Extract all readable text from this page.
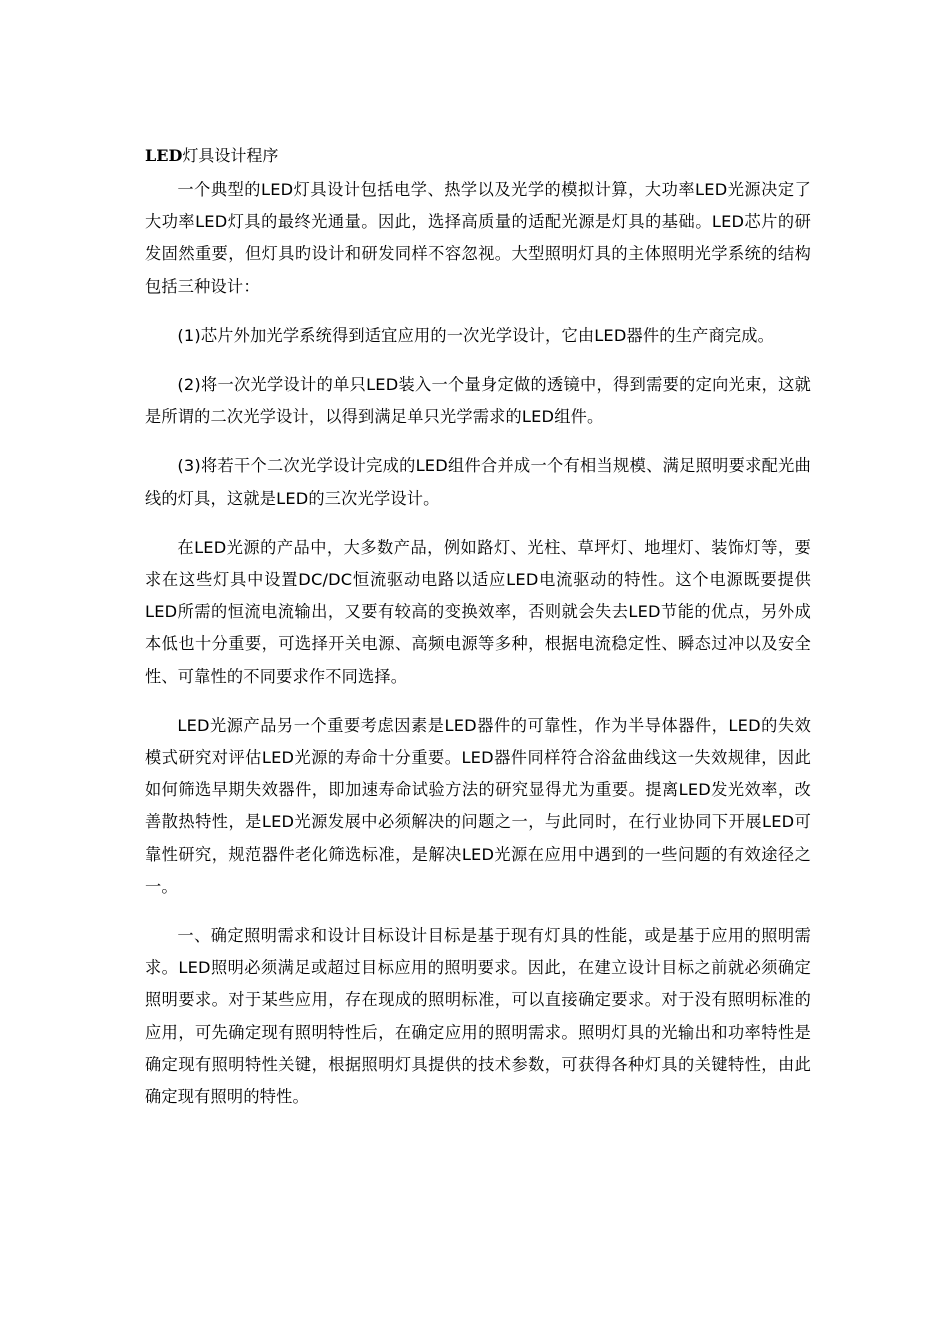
LED灯具设计程序

一个典型的LED灯具设计包括电学、热学以及光学的模拟计算，大功率LED光源决定了大功率LED灯具的最终光通量。因此，选择高质量的适配光源是灯具的基础。LED芯片的研发固然重要，但灯具旳设计和研发同样不容忽视。大型照明灯具的主体照明光学系统的结构包括三种设计：

(1)芯片外加光学系统得到适宜应用的一次光学设计，它由LED器件的生产商完成。

(2)将一次光学设计的单只LED装入一个量身定做的透镜中，得到需要的定向光束，这就是所谓的二次光学设计，以得到满足单只光学需求的LED组件。

(3)将若干个二次光学设计完成的LED组件合并成一个有相当规模、满足照明要求配光曲线的灯具，这就是LED的三次光学设计。

在LED光源的产品中，大多数产品，例如路灯、光柱、草坪灯、地埋灯、装饰灯等，要求在这些灯具中设置DC/DC恒流驱动电路以适应LED电流驱动的特性。这个电源既要提供LED所需的恒流电流输出，又要有较高的变换效率，否则就会失去LED节能的优点，另外成本低也十分重要，可选择开关电源、高频电源等多种，根据电流稳定性、瞬态过冲以及安全性、可靠性的不同要求作不同选择。

LED光源产品另一个重要考虑因素是LED器件的可靠性，作为半导体器件，LED的失效模式研究对评估LED光源的寿命十分重要。LED器件同样符合浴盆曲线这一失效规律，因此如何筛选早期失效器件，即加速寿命试验方法的研究显得尤为重要。提离LED发光效率，改善散热特性，是LED光源发展中必须解决的问题之一，与此同时，在行业协同下开展LED可靠性研究，规范器件老化筛选标准，是解决LED光源在应用中遇到的一些问题的有效途径之一。

一、确定照明需求和设计目标设计目标是基于现有灯具的性能，或是基于应用的照明需求。LED照明必须满足或超过目标应用的照明要求。因此，在建立设计目标之前就必须确定照明要求。对于某些应用，存在现成的照明标准，可以直接确定要求。对于没有照明标准的应用，可先确定现有照明特性后，在确定应用的照明需求。照明灯具的光输出和功率特性是确定现有照明特性关键，根据照明灯具提供的技术参数，可获得各种灯具的关键特性，由此确定现有照明的特性。
